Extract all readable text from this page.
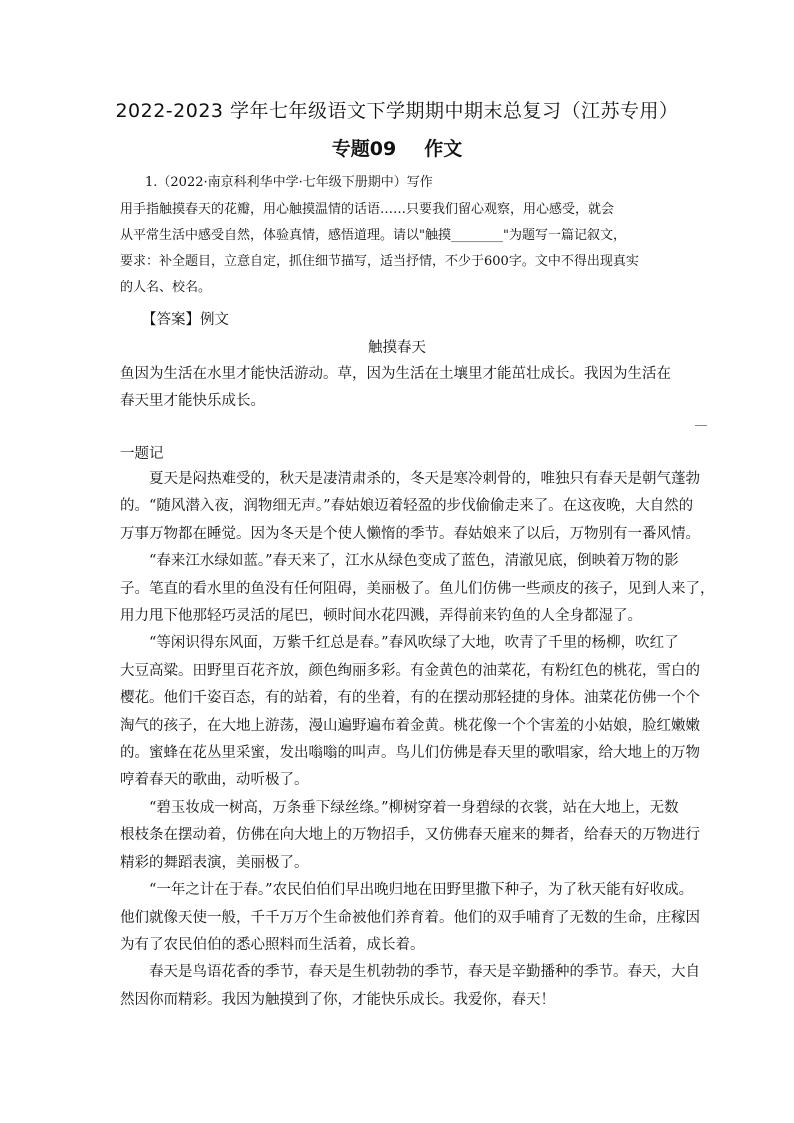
2022-2023 学年七年级语文下学期期中期末总复习（江苏专用）
专题09 作文
1.（2022·南京科利华中学·七年级下册期中）写作

用手指触摸春天的花瓣，用心触摸温情的话语……只要我们留心观察，用心感受，就会

从平常生活中感受自然，体验真情，感悟道理。请以"触摸________"为题写一篇记叙文，

要求：补全题目，立意自定，抓住细节描写，适当抒情，不少于600字。文中不得出现真实

的人名、校名。

【答案】例文
触摸春天

鱼因为生活在水里才能快活游动。草，因为生活在土壤里才能茁壮成长。我因为生活在

春天里才能快乐成长。

一题记

　　夏天是闷热难受的，秋天是凄清肃杀的，冬天是寒冷刺骨的，唯独只有春天是朝气蓬勃

的。“随风潜入夜，润物细无声。”春姑娘迈着轻盈的步伐偷偷走来了。在这夜晚，大自然的

万事万物都在睡觉。因为冬天是个使人懒惰的季节。春姑娘来了以后，万物别有一番风情。

　　“春来江水绿如蓝。”春天来了，江水从绿色变成了蓝色，清澈见底，倒映着万物的影

子。笔直的看水里的鱼没有任何阻碍，美丽极了。鱼儿们仿佛一些顽皮的孩子，见到人来了，

用力甩下他那轻巧灵活的尾巴，顿时间水花四溅，弄得前来钓鱼的人全身都湿了。

　　“等闲识得东风面，万紫千红总是春。”春风吹绿了大地，吹青了千里的杨柳，吹红了

大豆高粱。田野里百花齐放，颜色绚丽多彩。有金黄色的油菜花，有粉红色的桃花，雪白的

樱花。他们千姿百态，有的站着，有的坐着，有的在摆动那轻捷的身体。油菜花仿佛一个个

淘气的孩子，在大地上游荡，漫山遍野遍布着金黄。桃花像一个个害羞的小姑娘，脸红嫩嫩

的。蜜蜂在花丛里采蜜，发出嗡嗡的叫声。鸟儿们仿佛是春天里的歌唱家，给大地上的万物

哼着春天的歌曲，动听极了。

　　“碧玉妆成一树高，万条垂下绿丝绦。”柳树穿着一身碧绿的衣裳，站在大地上，无数

根枝条在摆动着，仿佛在向大地上的万物招手，又仿佛春天雇来的舞者，给春天的万物进行

精彩的舞蹈表演，美丽极了。

　　“一年之计在于春。”农民伯伯们早出晚归地在田野里撒下种子，为了秋天能有好收成。

他们就像天使一般，千千万万个生命被他们养育着。他们的双手哺育了无数的生命，庄稼因

为有了农民伯伯的悉心照料而生活着，成长着。

　　春天是鸟语花香的季节，春天是生机勃勃的季节，春天是辛勤播种的季节。春天，大自

然因你而精彩。我因为触摸到了你，才能快乐成长。我爱你，春天！
